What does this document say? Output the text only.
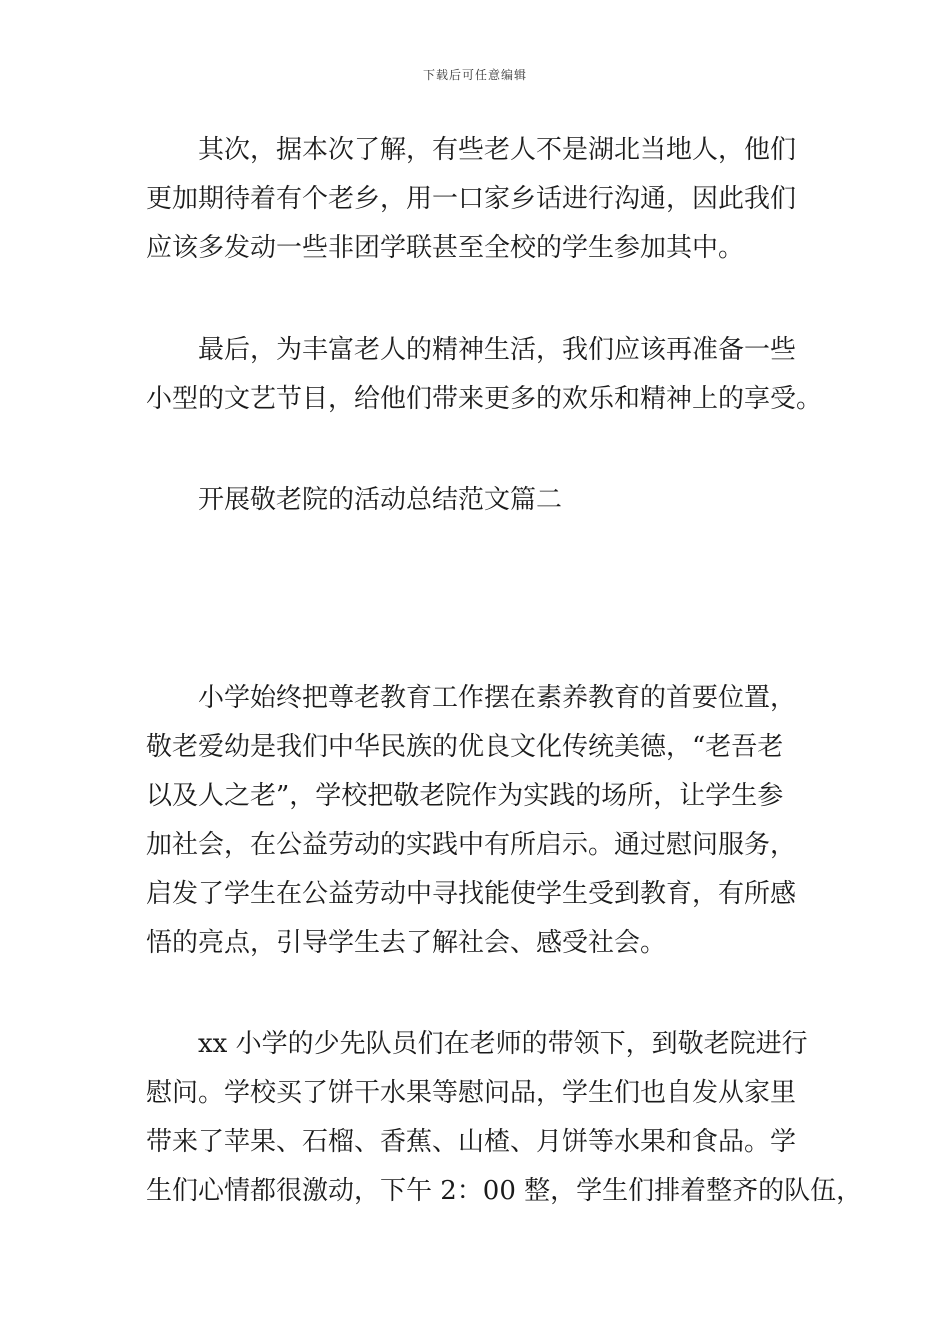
下载后可任意编辑
其次，据本次了解，有些老人不是湖北当地人，他们
更加期待着有个老乡，用一口家乡话进行沟通，因此我们
应该多发动一些非团学联甚至全校的学生参加其中。
最后，为丰富老人的精神生活，我们应该再准备一些
小型的文艺节目，给他们带来更多的欢乐和精神上的享受。
开展敬老院的活动总结范文篇二
小学始终把尊老教育工作摆在素养教育的首要位置，
敬老爱幼是我们中华民族的优良文化传统美德，“老吾老
以及人之老”，学校把敬老院作为实践的场所，让学生参
加社会，在公益劳动的实践中有所启示。通过慰问服务，
启发了学生在公益劳动中寻找能使学生受到教育，有所感
悟的亮点，引导学生去了解社会、感受社会。
xx 小学的少先队员们在老师的带领下，到敬老院进行
慰问。学校买了饼干水果等慰问品，学生们也自发从家里
带来了苹果、石榴、香蕉、山楂、月饼等水果和食品。学
生们心情都很激动，下午 2：00 整，学生们排着整齐的队伍，
